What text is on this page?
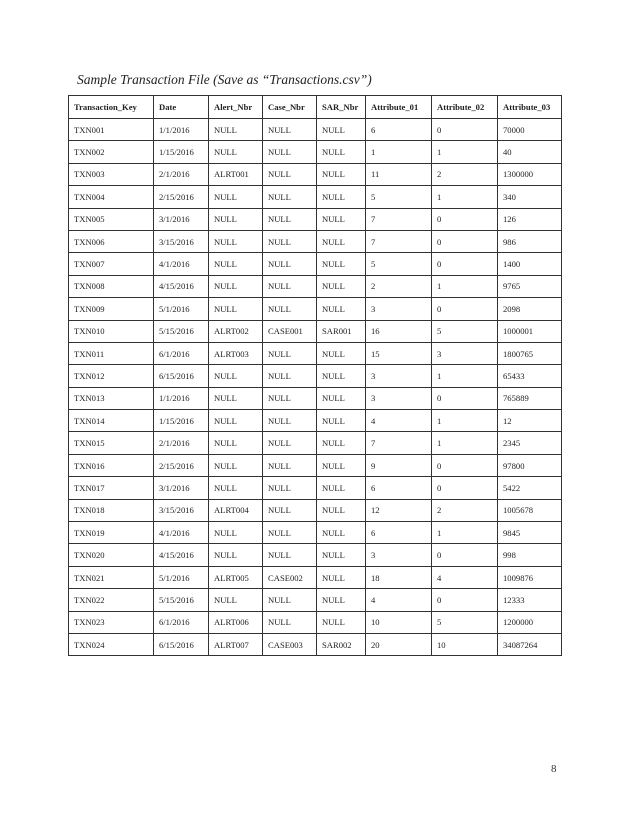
Sample Transaction File (Save as “Transactions.csv”)
Transaction_Key	Date	Alert_Nbr	Case_Nbr	SAR_Nbr	Attribute_01	Attribute_02	Attribute_03
TXN001	1/1/2016	NULL	NULL	NULL	6	0	70000
TXN002	1/15/2016	NULL	NULL	NULL	1	1	40
TXN003	2/1/2016	ALRT001	NULL	NULL	11	2	1300000
TXN004	2/15/2016	NULL	NULL	NULL	5	1	340
TXN005	3/1/2016	NULL	NULL	NULL	7	0	126
TXN006	3/15/2016	NULL	NULL	NULL	7	0	986
TXN007	4/1/2016	NULL	NULL	NULL	5	0	1400
TXN008	4/15/2016	NULL	NULL	NULL	2	1	9765
TXN009	5/1/2016	NULL	NULL	NULL	3	0	2098
TXN010	5/15/2016	ALRT002	CASE001	SAR001	16	5	1000001
TXN011	6/1/2016	ALRT003	NULL	NULL	15	3	1800765
TXN012	6/15/2016	NULL	NULL	NULL	3	1	65433
TXN013	1/1/2016	NULL	NULL	NULL	3	0	765889
TXN014	1/15/2016	NULL	NULL	NULL	4	1	12
TXN015	2/1/2016	NULL	NULL	NULL	7	1	2345
TXN016	2/15/2016	NULL	NULL	NULL	9	0	97800
TXN017	3/1/2016	NULL	NULL	NULL	6	0	5422
TXN018	3/15/2016	ALRT004	NULL	NULL	12	2	1005678
TXN019	4/1/2016	NULL	NULL	NULL	6	1	9845
TXN020	4/15/2016	NULL	NULL	NULL	3	0	998
TXN021	5/1/2016	ALRT005	CASE002	NULL	18	4	1009876
TXN022	5/15/2016	NULL	NULL	NULL	4	0	12333
TXN023	6/1/2016	ALRT006	NULL	NULL	10	5	1200000
TXN024	6/15/2016	ALRT007	CASE003	SAR002	20	10	34087264
8
